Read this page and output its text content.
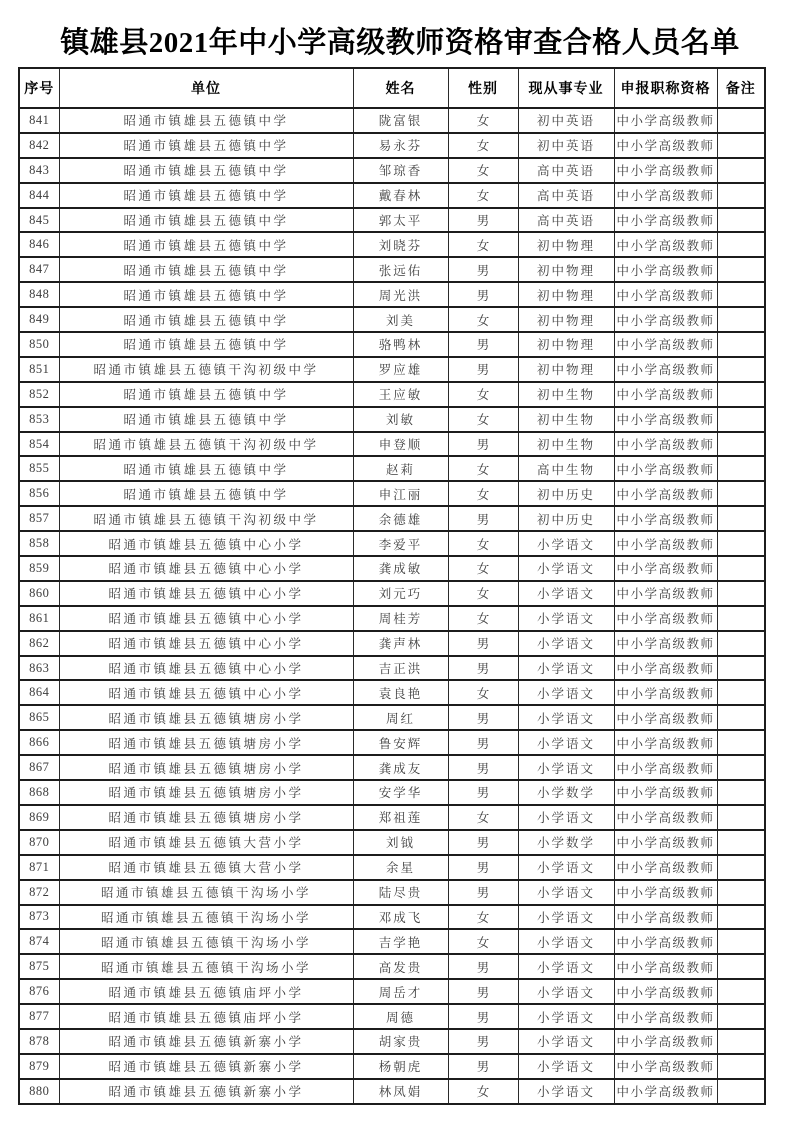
镇雄县2021年中小学高级教师资格审查合格人员名单
序号	单位	姓名	性别	现从事专业	申报职称资格	备注
841	昭通市镇雄县五德镇中学	陇富银	女	初中英语	中小学高级教师	
842	昭通市镇雄县五德镇中学	易永芬	女	初中英语	中小学高级教师	
843	昭通市镇雄县五德镇中学	邹琼香	女	高中英语	中小学高级教师	
844	昭通市镇雄县五德镇中学	戴春林	女	高中英语	中小学高级教师	
845	昭通市镇雄县五德镇中学	郭太平	男	高中英语	中小学高级教师	
846	昭通市镇雄县五德镇中学	刘晓芬	女	初中物理	中小学高级教师	
847	昭通市镇雄县五德镇中学	张远佑	男	初中物理	中小学高级教师	
848	昭通市镇雄县五德镇中学	周光洪	男	初中物理	中小学高级教师	
849	昭通市镇雄县五德镇中学	刘美	女	初中物理	中小学高级教师	
850	昭通市镇雄县五德镇中学	骆鸭林	男	初中物理	中小学高级教师	
851	昭通市镇雄县五德镇干沟初级中学	罗应雄	男	初中物理	中小学高级教师	
852	昭通市镇雄县五德镇中学	王应敏	女	初中生物	中小学高级教师	
853	昭通市镇雄县五德镇中学	刘敏	女	初中生物	中小学高级教师	
854	昭通市镇雄县五德镇干沟初级中学	申登顺	男	初中生物	中小学高级教师	
855	昭通市镇雄县五德镇中学	赵莉	女	高中生物	中小学高级教师	
856	昭通市镇雄县五德镇中学	申江丽	女	初中历史	中小学高级教师	
857	昭通市镇雄县五德镇干沟初级中学	余德雄	男	初中历史	中小学高级教师	
858	昭通市镇雄县五德镇中心小学	李爱平	女	小学语文	中小学高级教师	
859	昭通市镇雄县五德镇中心小学	龚成敏	女	小学语文	中小学高级教师	
860	昭通市镇雄县五德镇中心小学	刘元巧	女	小学语文	中小学高级教师	
861	昭通市镇雄县五德镇中心小学	周桂芳	女	小学语文	中小学高级教师	
862	昭通市镇雄县五德镇中心小学	龚声林	男	小学语文	中小学高级教师	
863	昭通市镇雄县五德镇中心小学	吉正洪	男	小学语文	中小学高级教师	
864	昭通市镇雄县五德镇中心小学	袁良艳	女	小学语文	中小学高级教师	
865	昭通市镇雄县五德镇塘房小学	周红	男	小学语文	中小学高级教师	
866	昭通市镇雄县五德镇塘房小学	鲁安辉	男	小学语文	中小学高级教师	
867	昭通市镇雄县五德镇塘房小学	龚成友	男	小学语文	中小学高级教师	
868	昭通市镇雄县五德镇塘房小学	安学华	男	小学数学	中小学高级教师	
869	昭通市镇雄县五德镇塘房小学	郑祖莲	女	小学语文	中小学高级教师	
870	昭通市镇雄县五德镇大营小学	刘钺	男	小学数学	中小学高级教师	
871	昭通市镇雄县五德镇大营小学	余星	男	小学语文	中小学高级教师	
872	昭通市镇雄县五德镇干沟场小学	陆尽贵	男	小学语文	中小学高级教师	
873	昭通市镇雄县五德镇干沟场小学	邓成飞	女	小学语文	中小学高级教师	
874	昭通市镇雄县五德镇干沟场小学	吉学艳	女	小学语文	中小学高级教师	
875	昭通市镇雄县五德镇干沟场小学	高发贵	男	小学语文	中小学高级教师	
876	昭通市镇雄县五德镇庙坪小学	周岳才	男	小学语文	中小学高级教师	
877	昭通市镇雄县五德镇庙坪小学	周德	男	小学语文	中小学高级教师	
878	昭通市镇雄县五德镇新寨小学	胡家贵	男	小学语文	中小学高级教师	
879	昭通市镇雄县五德镇新寨小学	杨朝虎	男	小学语文	中小学高级教师	
880	昭通市镇雄县五德镇新寨小学	林凤娟	女	小学语文	中小学高级教师	
